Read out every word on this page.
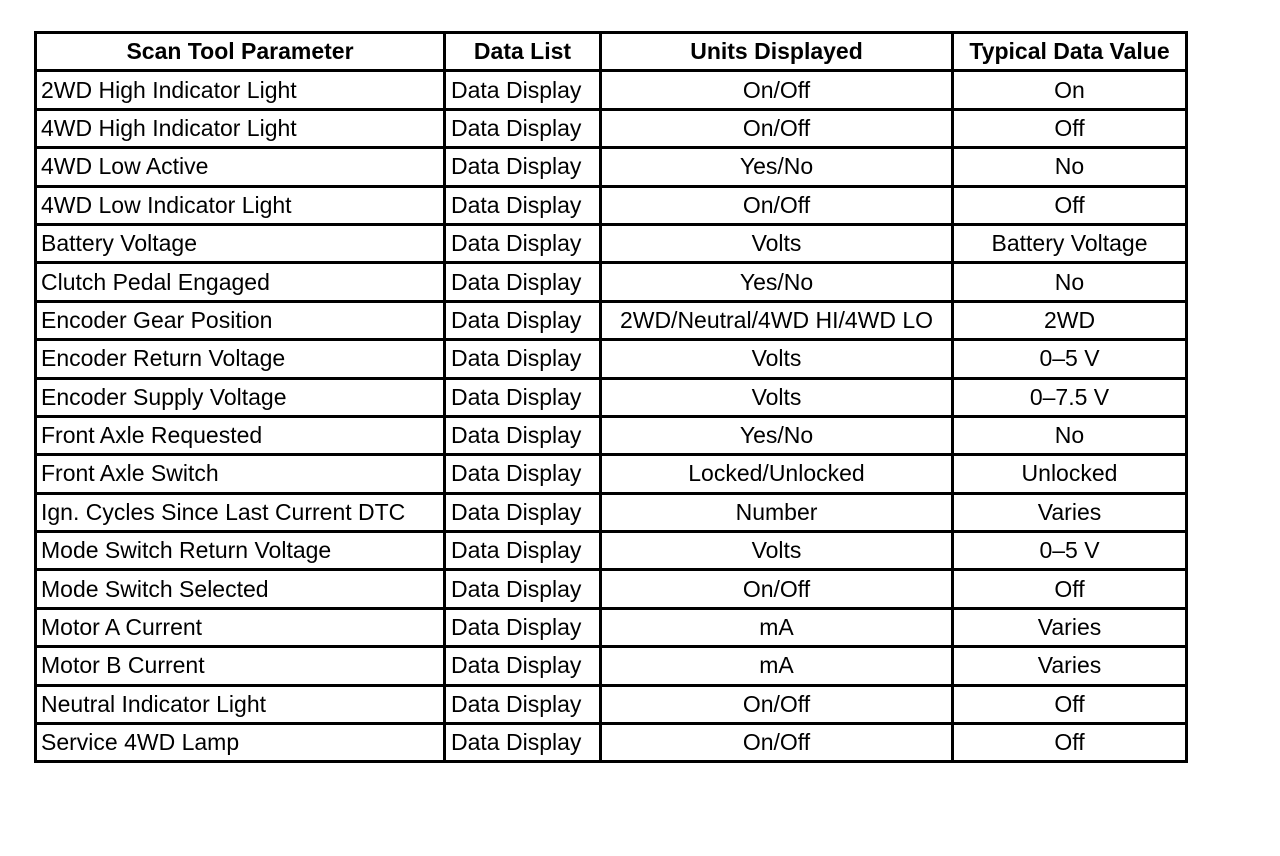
Scan Tool Parameter	Data List	Units Displayed	Typical Data Value
2WD High Indicator Light	Data Display	On/Off	On
4WD High Indicator Light	Data Display	On/Off	Off
4WD Low Active	Data Display	Yes/No	No
4WD Low Indicator Light	Data Display	On/Off	Off
Battery Voltage	Data Display	Volts	Battery Voltage
Clutch Pedal Engaged	Data Display	Yes/No	No
Encoder Gear Position	Data Display	2WD/Neutral/4WD HI/4WD LO	2WD
Encoder Return Voltage	Data Display	Volts	0–5 V
Encoder Supply Voltage	Data Display	Volts	0–7.5 V
Front Axle Requested	Data Display	Yes/No	No
Front Axle Switch	Data Display	Locked/Unlocked	Unlocked
Ign. Cycles Since Last Current DTC	Data Display	Number	Varies
Mode Switch Return Voltage	Data Display	Volts	0–5 V
Mode Switch Selected	Data Display	On/Off	Off
Motor A Current	Data Display	mA	Varies
Motor B Current	Data Display	mA	Varies
Neutral Indicator Light	Data Display	On/Off	Off
Service 4WD Lamp	Data Display	On/Off	Off
